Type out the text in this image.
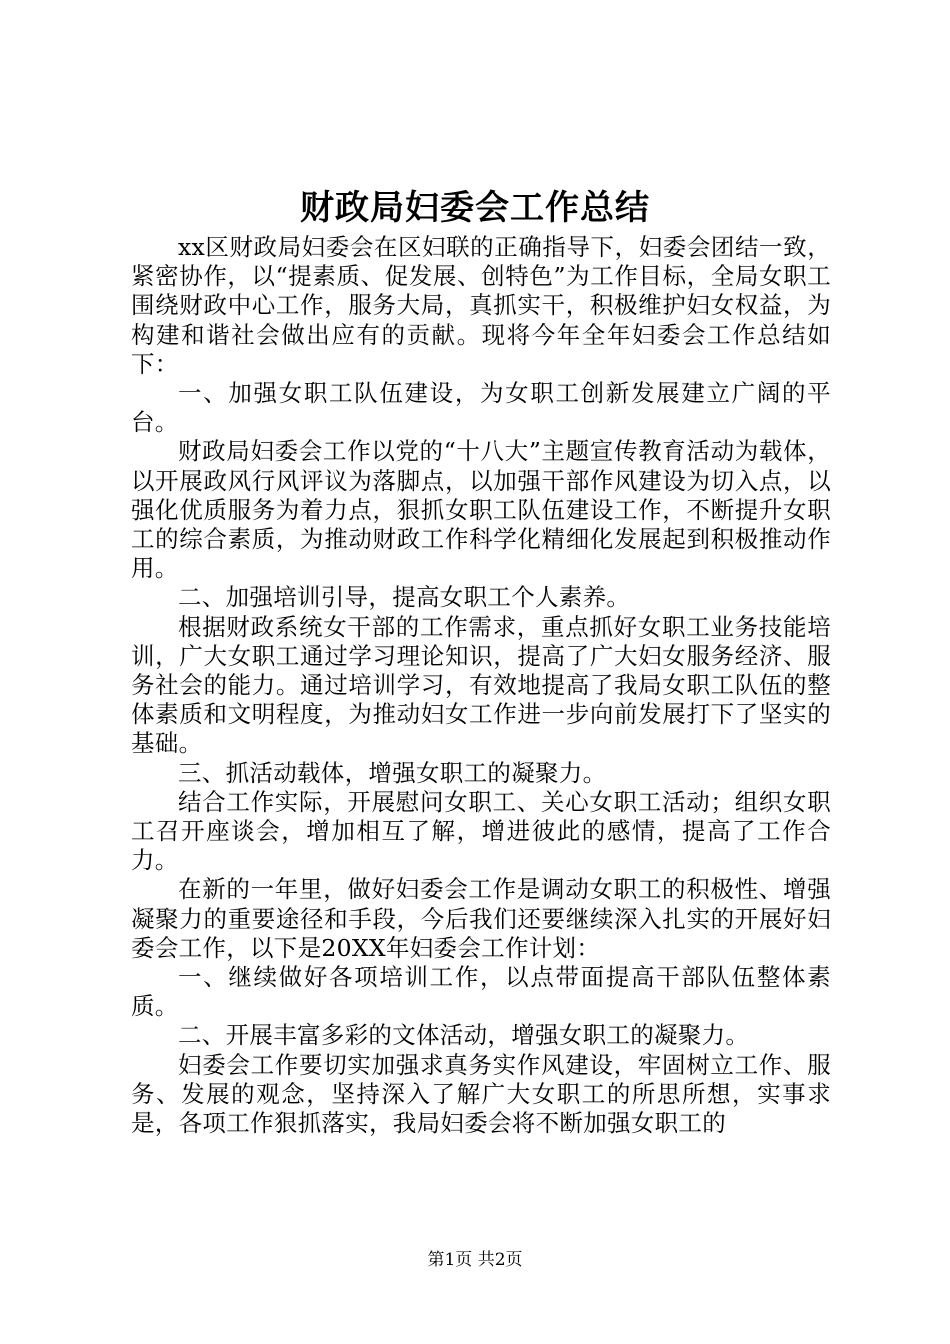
财政局妇委会工作总结

xx区财政局妇委会在区妇联的正确指导下，妇委会团结一致，紧密协作，以“提素质、促发展、创特色”为工作目标，全局女职工围绕财政中心工作，服务大局，真抓实干，积极维护妇女权益，为构建和谐社会做出应有的贡献。现将今年全年妇委会工作总结如下：

一、加强女职工队伍建设，为女职工创新发展建立广阔的平台。

财政局妇委会工作以党的“十八大”主题宣传教育活动为载体，以开展政风行风评议为落脚点，以加强干部作风建设为切入点，以强化优质服务为着力点，狠抓女职工队伍建设工作，不断提升女职工的综合素质，为推动财政工作科学化精细化发展起到积极推动作用。

二、加强培训引导，提高女职工个人素养。

根据财政系统女干部的工作需求，重点抓好女职工业务技能培训，广大女职工通过学习理论知识，提高了广大妇女服务经济、服务社会的能力。通过培训学习，有效地提高了我局女职工队伍的整体素质和文明程度，为推动妇女工作进一步向前发展打下了坚实的基础。

三、抓活动载体，增强女职工的凝聚力。

结合工作实际，开展慰问女职工、关心女职工活动；组织女职工召开座谈会，增加相互了解，增进彼此的感情，提高了工作合力。

在新的一年里，做好妇委会工作是调动女职工的积极性、增强凝聚力的重要途径和手段，今后我们还要继续深入扎实的开展好妇委会工作，以下是20XX年妇委会工作计划：

一、继续做好各项培训工作，以点带面提高干部队伍整体素质。

二、开展丰富多彩的文体活动，增强女职工的凝聚力。

妇委会工作要切实加强求真务实作风建设，牢固树立工作、服务、发展的观念，坚持深入了解广大女职工的所思所想，实事求是，各项工作狠抓落实，我局妇委会将不断加强女职工的

第1页 共2页
